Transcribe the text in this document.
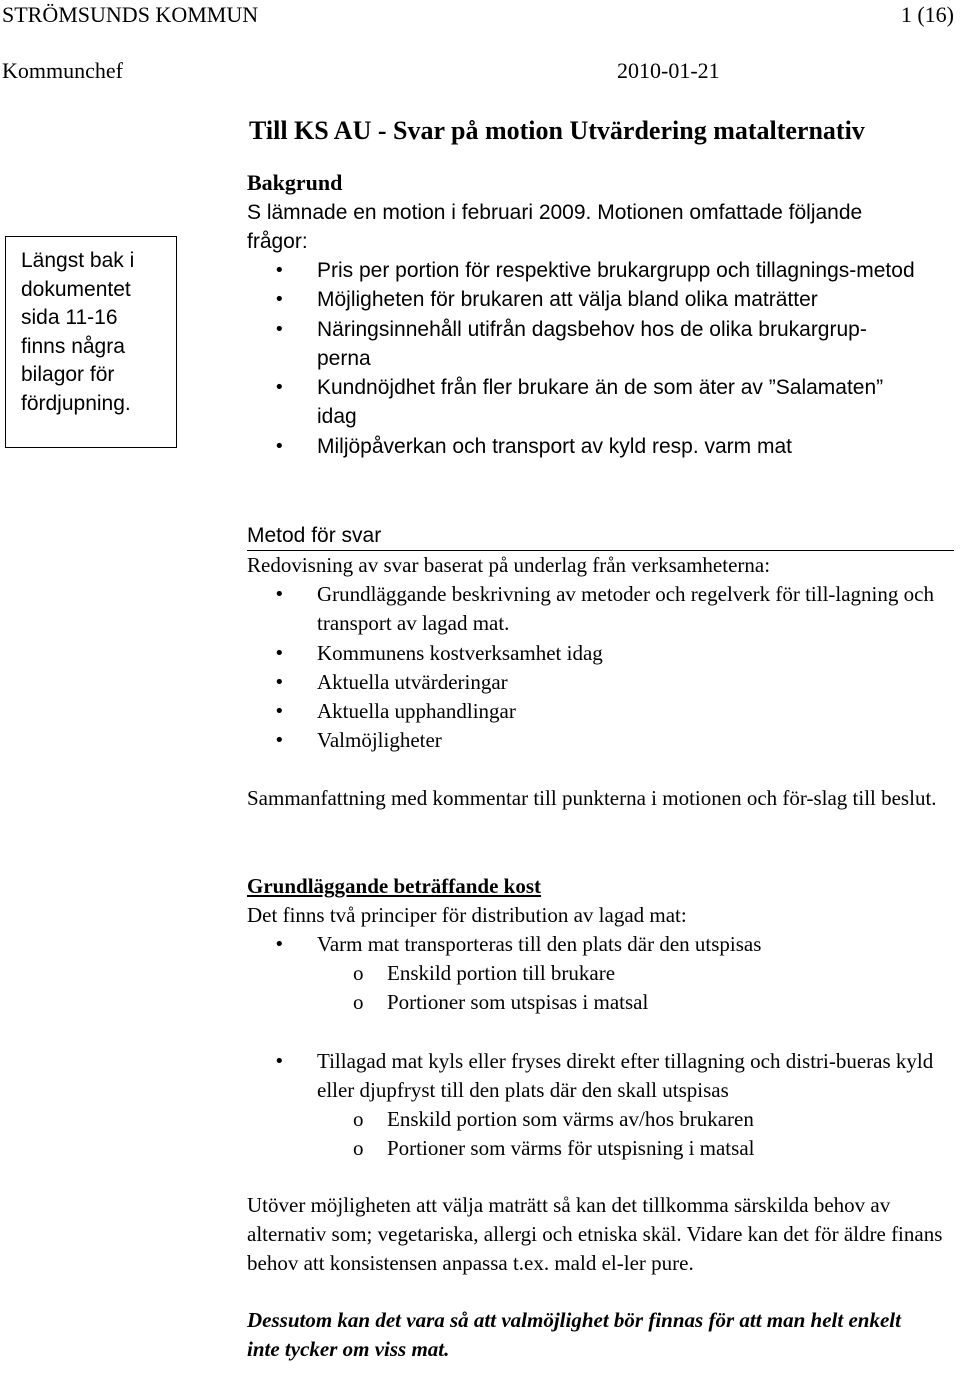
STRÖMSUNDS KOMMUN	1 (16)
Kommunchef	2010-01-21
Till KS AU - Svar på motion Utvärdering matalternativ
Längst bak i
dokumentet
sida 11-16
finns några
bilagor för
fördjupning.
Bakgrund
S lämnade en motion i februari 2009. Motionen omfattade följande
frågor:
• Pris per portion för respektive brukargrupp och tillagnings-metod
• Möjligheten för brukaren att välja bland olika maträtter
• Näringsinnehåll utifrån dagsbehov hos de olika brukargrup-perna
• Kundnöjdhet från fler brukare än de som äter av ”Salamaten” idag
• Miljöpåverkan och transport av kyld resp. varm mat
Metod för svar
Redovisning av svar baserat på underlag från verksamheterna:
• Grundläggande beskrivning av metoder och regelverk för till-lagning och transport av lagad mat.
• Kommunens kostverksamhet idag
• Aktuella utvärderingar
• Aktuella upphandlingar
• Valmöjligheter

Sammanfattning med kommentar till punkterna i motionen och för-slag till beslut.

Grundläggande beträffande kost
Det finns två principer för distribution av lagad mat:
• Varm mat transporteras till den plats där den utspisas
o Enskild portion till brukare
o Portioner som utspisas i matsal
• Tillagad mat kyls eller fryses direkt efter tillagning och distri-bueras kyld eller djupfryst till den plats där den skall utspisas
o Enskild portion som värms av/hos brukaren
o Portioner som värms för utspisning i matsal

Utöver möjligheten att välja maträtt så kan det tillkomma särskilda behov av alternativ som; vegetariska, allergi och etniska skäl. Vidare kan det för äldre finans behov att konsistensen anpassa t.ex. mald el-ler pure.

Dessutom kan det vara så att valmöjlighet bör finnas för att man helt enkelt inte tycker om viss mat.
